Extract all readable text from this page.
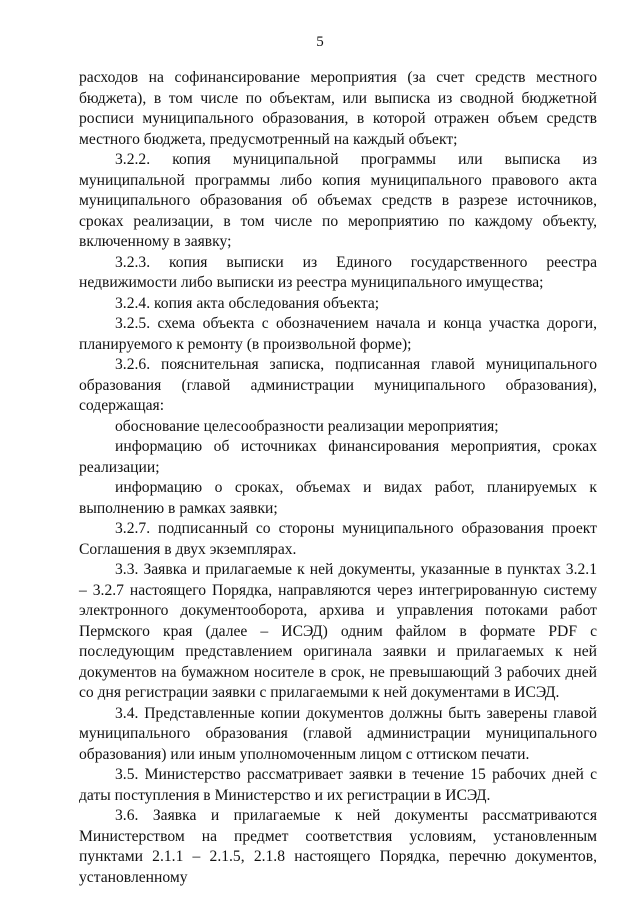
5

расходов на софинансирование мероприятия (за счет средств местного бюджета), в том числе по объектам, или выписка из сводной бюджетной росписи муниципального образования, в которой отражен объем средств местного бюджета, предусмотренный на каждый объект;

3.2.2. копия муниципальной программы или выписка из муниципальной программы либо копия муниципального правового акта муниципального образования об объемах средств в разрезе источников, сроках реализации, в том числе по мероприятию по каждому объекту, включенному в заявку;

3.2.3. копия выписки из Единого государственного реестра недвижимости либо выписки из реестра муниципального имущества;

3.2.4. копия акта обследования объекта;

3.2.5. схема объекта с обозначением начала и конца участка дороги, планируемого к ремонту (в произвольной форме);

3.2.6. пояснительная записка, подписанная главой муниципального образования (главой администрации муниципального образования), содержащая:

обоснование целесообразности реализации мероприятия;

информацию об источниках финансирования мероприятия, сроках реализации;

информацию о сроках, объемах и видах работ, планируемых к выполнению в рамках заявки;

3.2.7. подписанный со стороны муниципального образования проект Соглашения в двух экземплярах.

3.3. Заявка и прилагаемые к ней документы, указанные в пунктах 3.2.1 – 3.2.7 настоящего Порядка, направляются через интегрированную систему электронного документооборота, архива и управления потоками работ Пермского края (далее – ИСЭД) одним файлом в формате PDF с последующим представлением оригинала заявки и прилагаемых к ней документов на бумажном носителе в срок, не превышающий 3 рабочих дней со дня регистрации заявки с прилагаемыми к ней документами в ИСЭД.

3.4. Представленные копии документов должны быть заверены главой муниципального образования (главой администрации муниципального образования) или иным уполномоченным лицом с оттиском печати.

3.5. Министерство рассматривает заявки в течение 15 рабочих дней с даты поступления в Министерство и их регистрации в ИСЭД.

3.6. Заявка и прилагаемые к ней документы рассматриваются Министерством на предмет соответствия условиям, установленным пунктами 2.1.1 – 2.1.5, 2.1.8 настоящего Порядка, перечню документов, установленному
